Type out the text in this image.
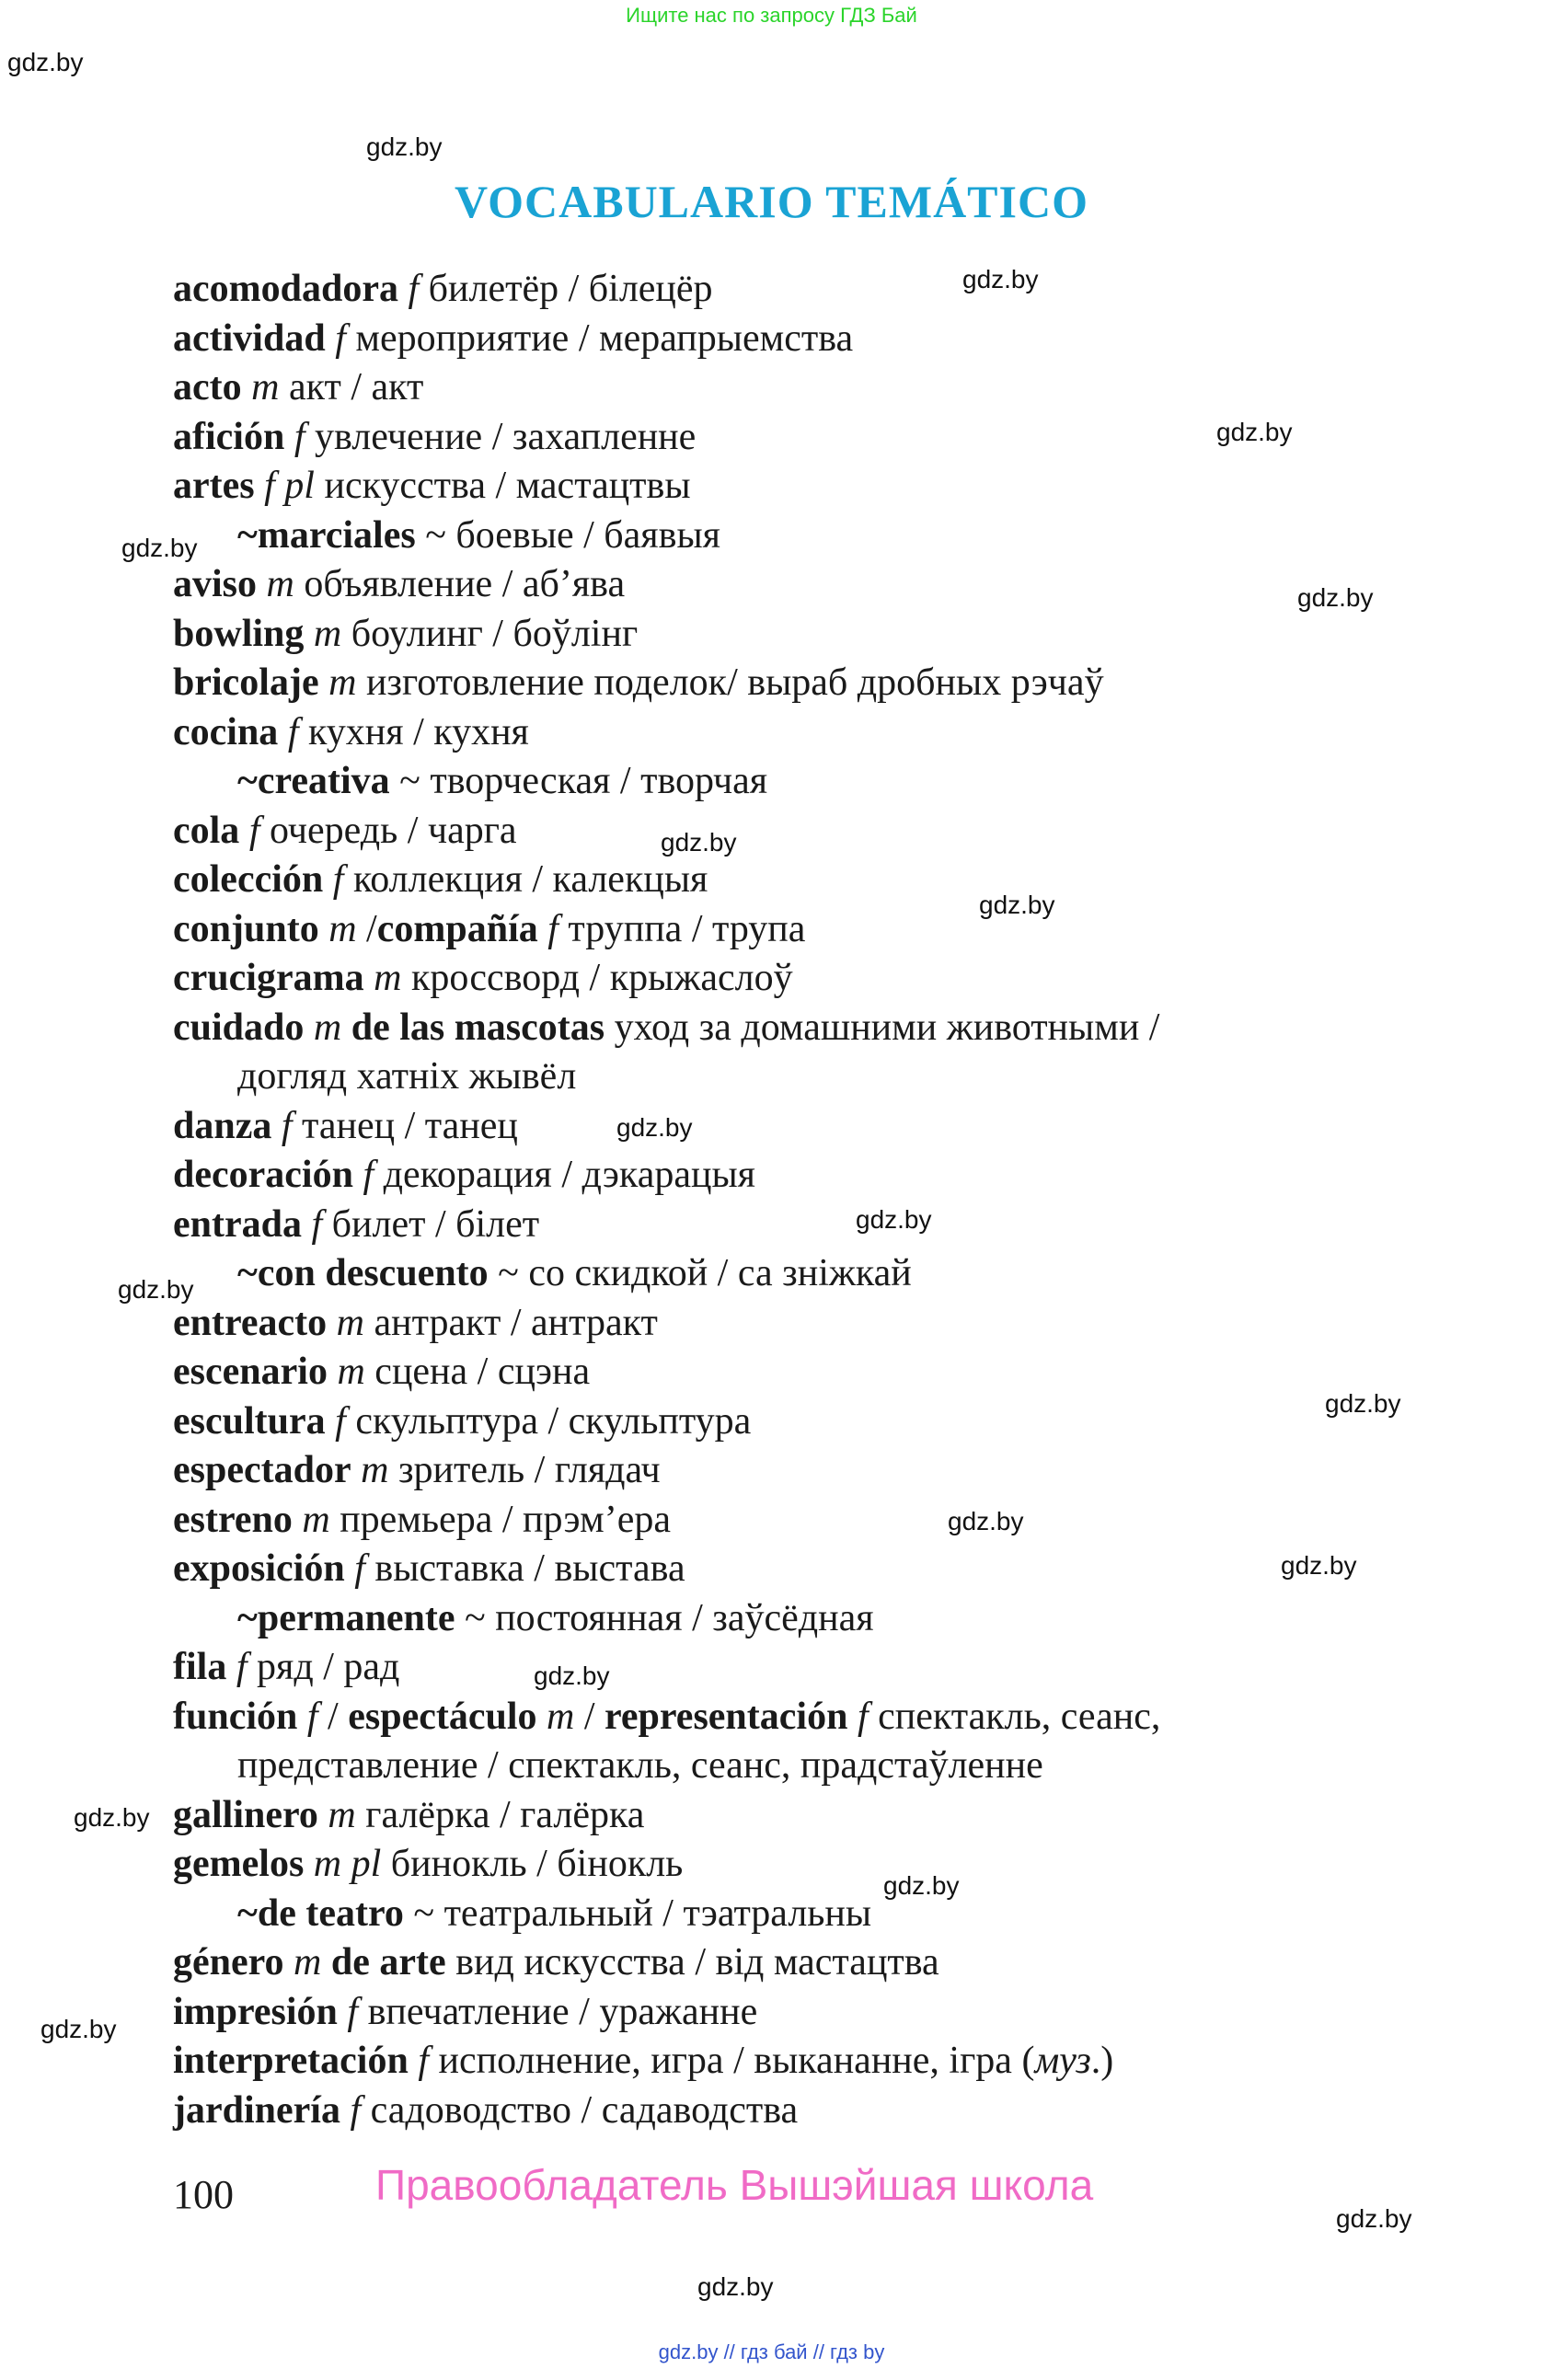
Ищите нас по запросу ГДЗ Бай
gdz.by
gdz.by
gdz.by
gdz.by
gdz.by
gdz.by
gdz.by
gdz.by
gdz.by
gdz.by
gdz.by
gdz.by
gdz.by
gdz.by
gdz.by
gdz.by
gdz.by
gdz.by
gdz.by
gdz.by
VOCABULARIO TEMÁTICO
acomodadora f билетёр / білецёр
actividad f мероприятие / мерапрыемства
acto m акт / акт
afición f увлечение / захапленне
artes f pl искусства / мастацтвы
~marciales ~ боевые / баявыя
aviso m объявление / аб’ява
bowling m боулинг / боўлінг
bricolaje m изготовление поделок/ выраб дробных рэчаў
cocina f кухня / кухня
~creativa ~ творческая / творчая
cola f очередь / чарга
colección f коллекция / калекцыя
conjunto m /compañía f труппа / трупа
crucigrama m кроссворд / крыжаслоў
cuidado m de las mascotas уход за домашними животными /
догляд хатніх жывёл
danza f танец / танец
decoración f декорация / дэкарацыя
entrada f билет / білет
~con descuento ~ со скидкой / са зніжкай
entreacto m антракт / антракт
escenario m сцена / сцэна
escultura f скульптура / скульптура
espectador m зритель / глядач
estreno m премьера / прэм’ера
exposición f выставка / выстава
~permanente ~ постоянная / заўсёдная
fila f ряд / рад
función f / espectáculo m / representación f спектакль, сеанс,
представление / спектакль, сеанс, прадстаўленне
gallinero m галёрка / галёрка
gemelos m pl бинокль / бінокль
~de teatro ~ театральный / тэатральны
género m de arte вид искусства / від мастацтва
impresión f впечатление / уражанне
interpretación f исполнение, игра / выкананне, ігра (муз.)
jardinería f садоводство / садаводства
100	Правообладатель Вышэйшая школа
gdz.by // гдз бай // гдз by
